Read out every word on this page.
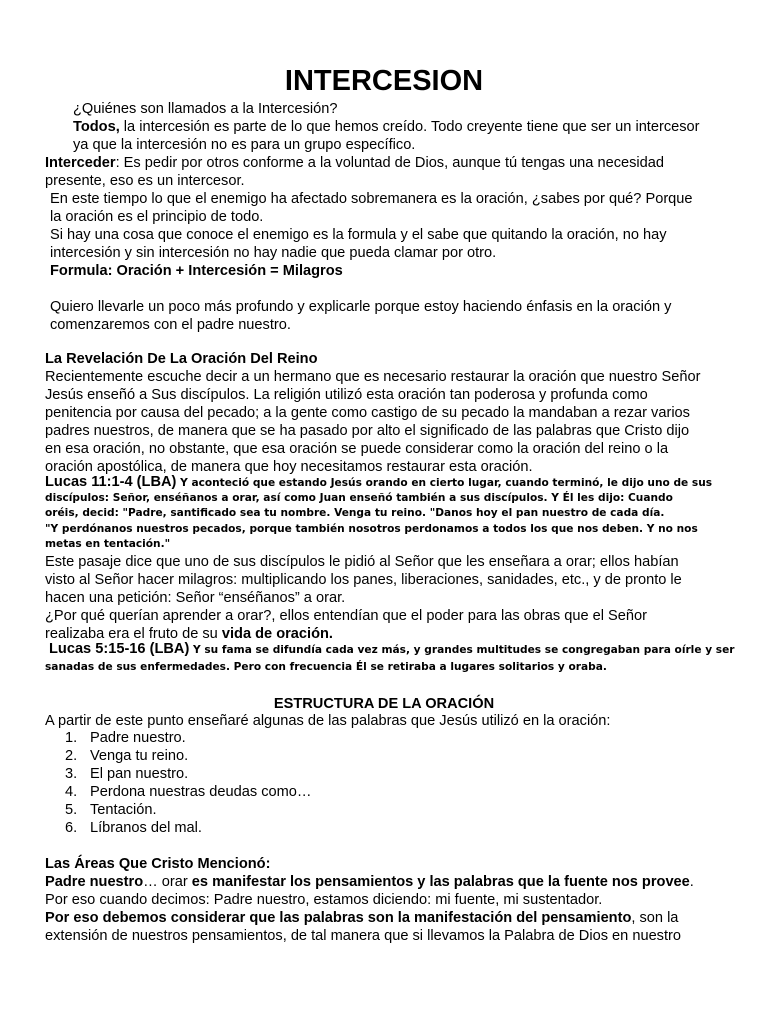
INTERCESION
¿Quiénes son llamados a la Intercesión?
Todos, la intercesión es parte de lo que hemos creído. Todo creyente tiene que ser un intercesor
ya que la intercesión no es para un grupo específico.
Interceder: Es pedir por otros conforme a la voluntad de Dios, aunque tú tengas una necesidad
presente, eso es un intercesor.
En este tiempo lo que el enemigo ha afectado sobremanera es la oración, ¿sabes por qué? Porque
la oración es el principio de todo.
Si hay una cosa que conoce el enemigo es la formula y el sabe que quitando la oración, no hay
intercesión y sin intercesión no hay nadie que pueda clamar por otro.
Formula: Oración + Intercesión = Milagros
Quiero llevarle un poco más profundo y explicarle porque estoy haciendo énfasis en la oración y
comenzaremos con el padre nuestro.
La Revelación De La Oración Del Reino
Recientemente escuche decir a un hermano que es necesario restaurar la oración que nuestro Señor
Jesús enseñó a Sus discípulos. La religión utilizó esta oración tan poderosa y profunda como
penitencia por causa del pecado; a la gente como castigo de su pecado la mandaban a rezar varios
padres nuestros, de manera que se ha pasado por alto el significado de las palabras que Cristo dijo
en esa oración, no obstante, que esa oración se puede considerar como la oración del reino o la
oración apostólica, de manera que hoy necesitamos restaurar esta oración.
Lucas 11:1-4 (LBA) Y aconteció que estando Jesús orando en cierto lugar, cuando terminó, le dijo uno de sus
discípulos: Señor, enséñanos a orar, así como Juan enseñó también a sus discípulos. Y Él les dijo: Cuando
oréis, decid: "Padre, santificado sea tu nombre. Venga tu reino. "Danos hoy el pan nuestro de cada día.
"Y perdónanos nuestros pecados, porque también nosotros perdonamos a todos los que nos deben. Y no nos
metas en tentación."
Este pasaje dice que uno de sus discípulos le pidió al Señor que les enseñara a orar; ellos habían
visto al Señor hacer milagros: multiplicando los panes, liberaciones, sanidades, etc., y de pronto le
hacen una petición: Señor “enséñanos” a orar.
¿Por qué querían aprender a orar?, ellos entendían que el poder para las obras que el Señor
realizaba era el fruto de su vida de oración.
Lucas 5:15-16 (LBA) Y su fama se difundía cada vez más, y grandes multitudes se congregaban para oírle y ser
sanadas de sus enfermedades. Pero con frecuencia Él se retiraba a lugares solitarios y oraba.
ESTRUCTURA DE LA ORACIÓN
A partir de este punto enseñaré algunas de las palabras que Jesús utilizó en la oración:
1. Padre nuestro.
2. Venga tu reino.
3. El pan nuestro.
4. Perdona nuestras deudas como…
5. Tentación.
6. Líbranos del mal.
Las Áreas Que Cristo Mencionó:
Padre nuestro… orar es manifestar los pensamientos y las palabras que la fuente nos provee.
Por eso cuando decimos: Padre nuestro, estamos diciendo: mi fuente, mi sustentador.
Por eso debemos considerar que las palabras son la manifestación del pensamiento, son la
extensión de nuestros pensamientos, de tal manera que si llevamos la Palabra de Dios en nuestro
